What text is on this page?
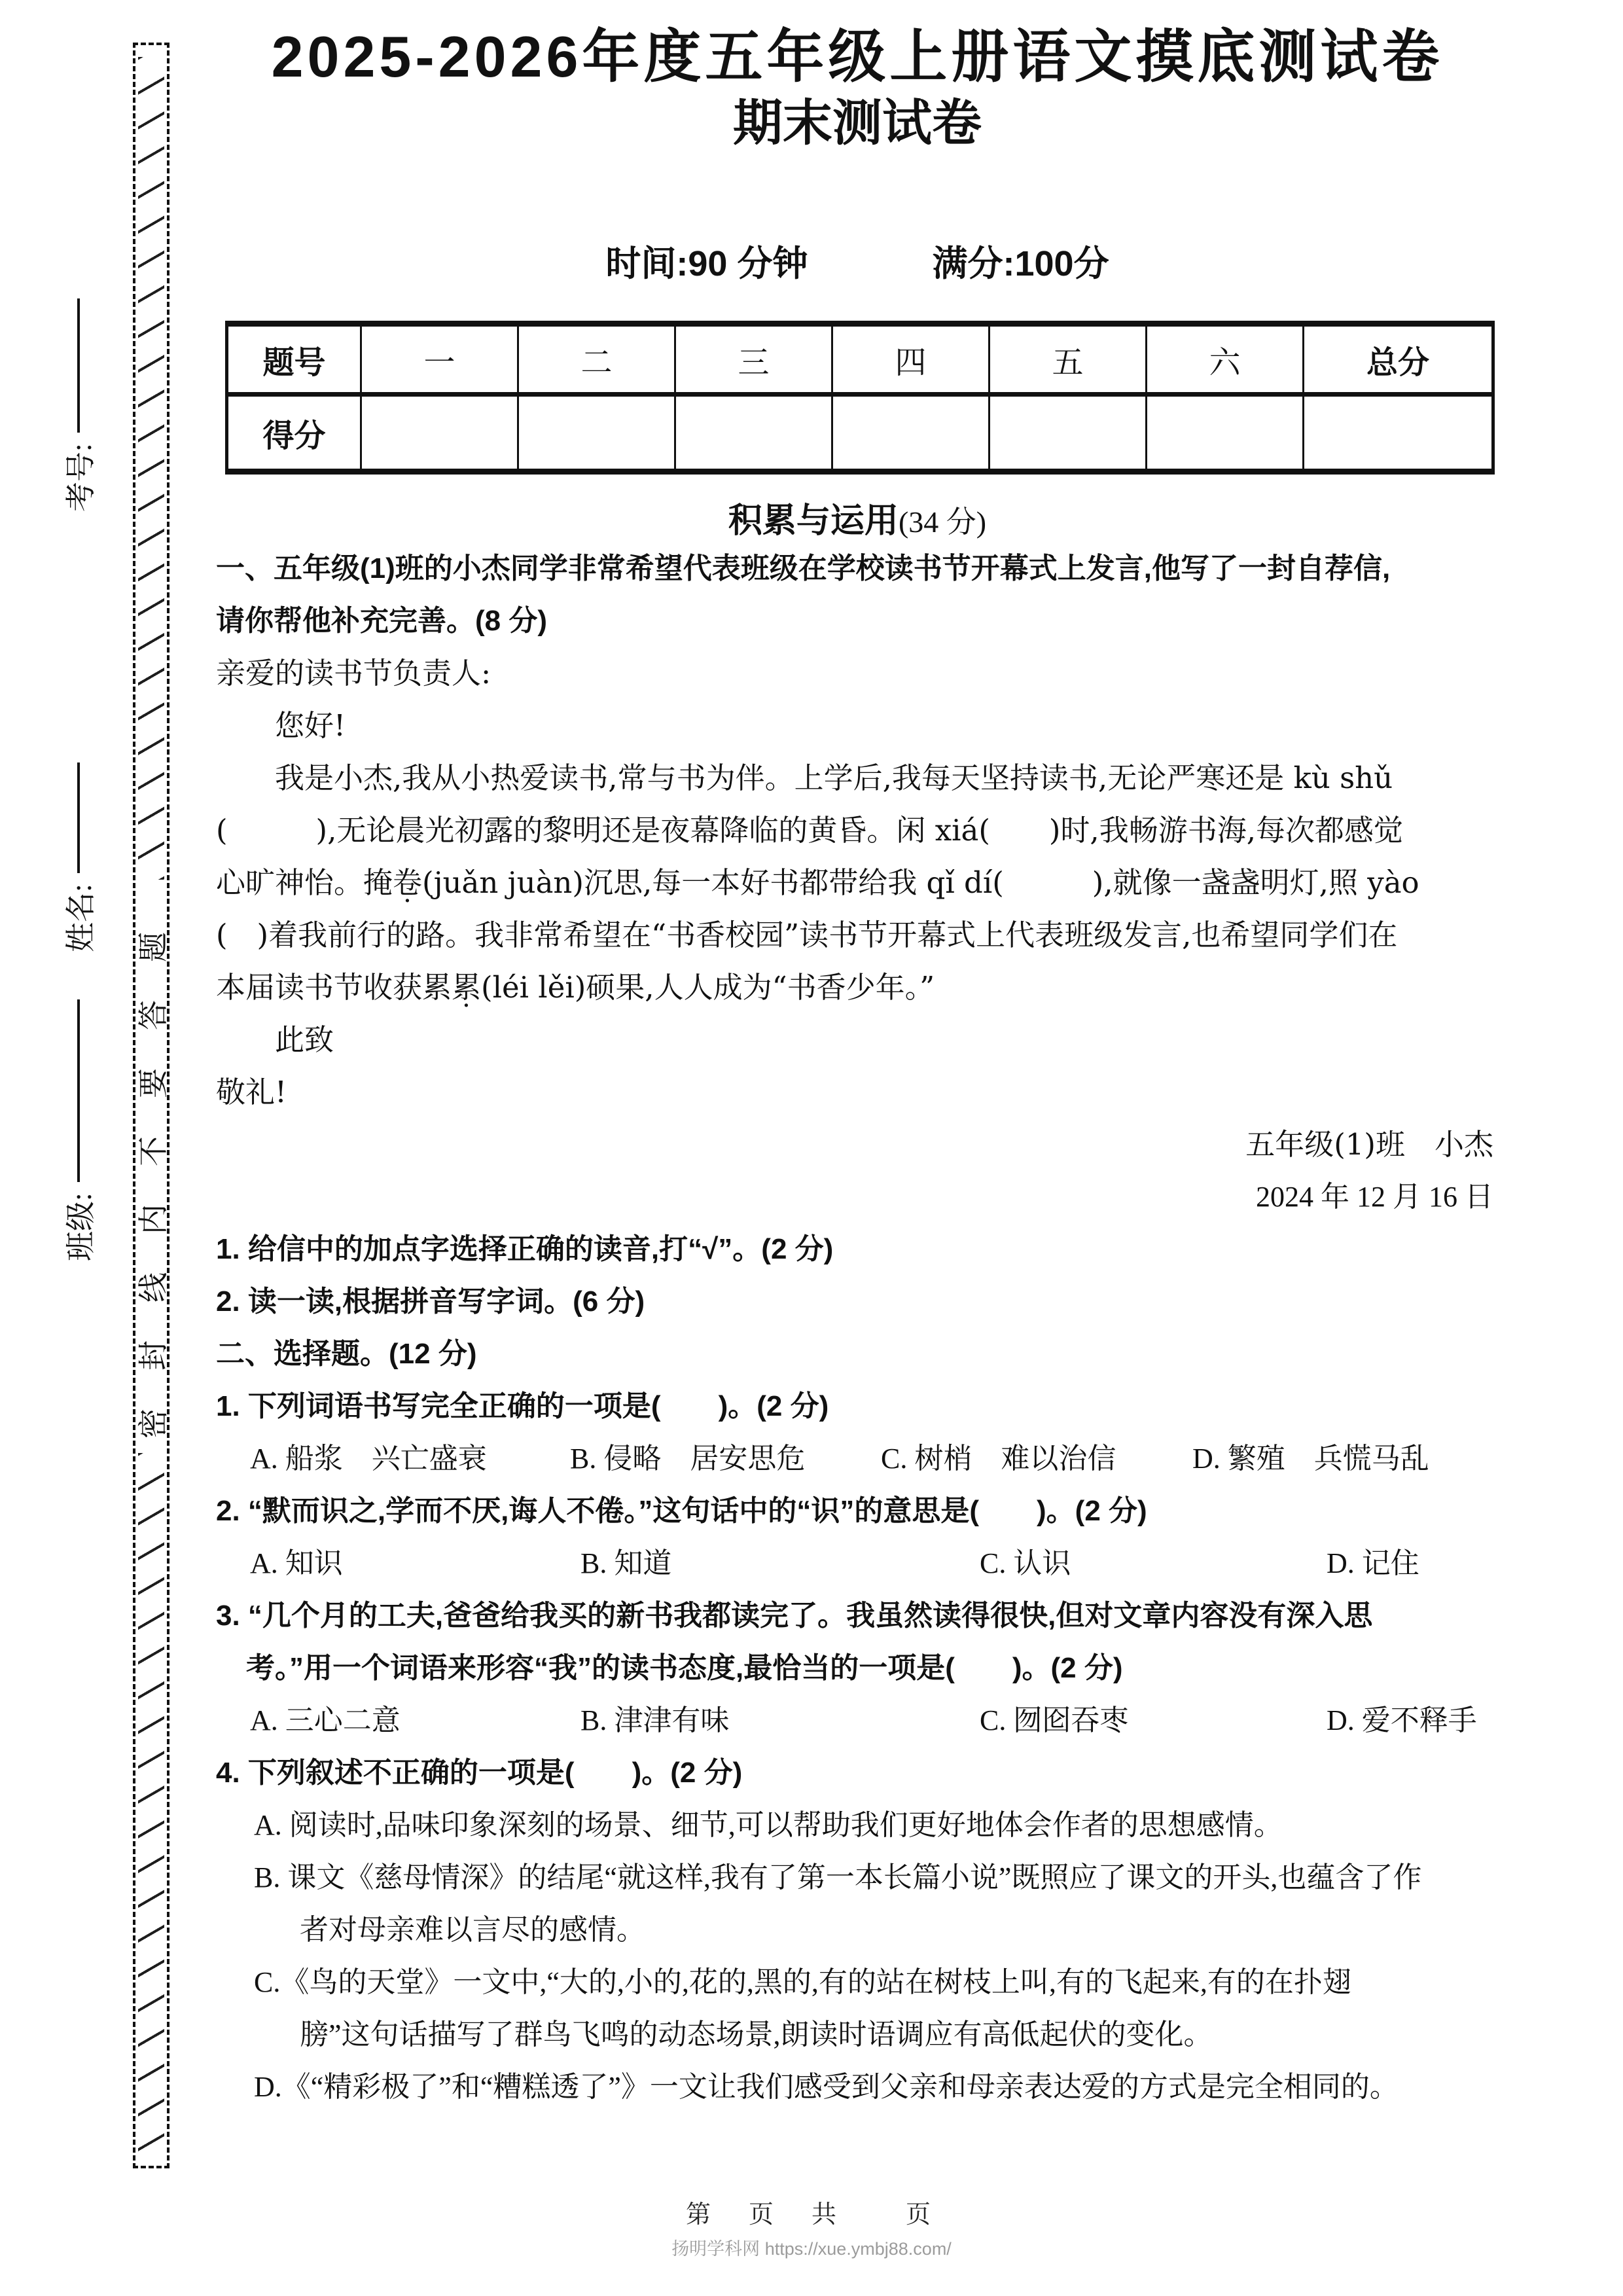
考号:
姓名:
班级: 密封线内不要答题
2025-2026年度五年级上册语文摸底测试卷
期末测试卷
时间:90 分钟	满分:100分
题号	一	二	三	四	五	六	总分
得分							
积累与运用(34 分)

一、五年级(1)班的小杰同学非常希望代表班级在学校读书节开幕式上发言,他写了一封自荐信,

请你帮他补充完善。(8 分)

亲爱的读书节负责人:

您好!

我是小杰,我从小热爱读书,常与书为伴。上学后,我每天坚持读书,无论严寒还是 kù shǔ

(　　　),无论晨光初露的黎明还是夜幕降临的黄昏。闲 xiá(　　)时,我畅游书海,每次都感觉

心旷神怡。掩卷(juǎn juàn)沉思,每一本好书都带给我 qǐ dí(　　　),就像一盏盏明灯,照 yào

(　)着我前行的路。我非常希望在“书香校园”读书节开幕式上代表班级发言,也希望同学们在

本届读书节收获累累(léi lěi)硕果,人人成为“书香少年。”

此致

敬礼!

五年级(1)班　小杰

2024 年 12 月 16 日

1. 给信中的加点字选择正确的读音,打“√”。(2 分)

2. 读一读,根据拼音写字词。(6 分)

二、选择题。(12 分)

1. 下列词语书写完全正确的一项是(　　)。(2 分)

A. 船浆　兴亡盛衰	B. 侵略　居安思危	C. 树梢　难以治信	D. 繁殖　兵慌马乱

2. “默而识之,学而不厌,诲人不倦。”这句话中的“识”的意思是(　　)。(2 分)

A. 知识	B. 知道	C. 认识	D. 记住

3. “几个月的工夫,爸爸给我买的新书我都读完了。我虽然读得很快,但对文章内容没有深入思

考。”用一个词语来形容“我”的读书态度,最恰当的一项是(　　)。(2 分)

A. 三心二意	B. 津津有味	C. 囫囵吞枣	D. 爱不释手

4. 下列叙述不正确的一项是(　　)。(2 分)

A. 阅读时,品味印象深刻的场景、细节,可以帮助我们更好地体会作者的思想感情。

B. 课文《慈母情深》的结尾“就这样,我有了第一本长篇小说”既照应了课文的开头,也蕴含了作

者对母亲难以言尽的感情。

C.《鸟的天堂》一文中,“大的,小的,花的,黑的,有的站在树枝上叫,有的飞起来,有的在扑翅

膀”这句话描写了群鸟飞鸣的动态场景,朗读时语调应有高低起伏的变化。

D.《“精彩极了”和“糟糕透了”》一文让我们感受到父亲和母亲表达爱的方式是完全相同的。

第　页　共　　页
扬明学科网 https://xue.ymbj88.com/
